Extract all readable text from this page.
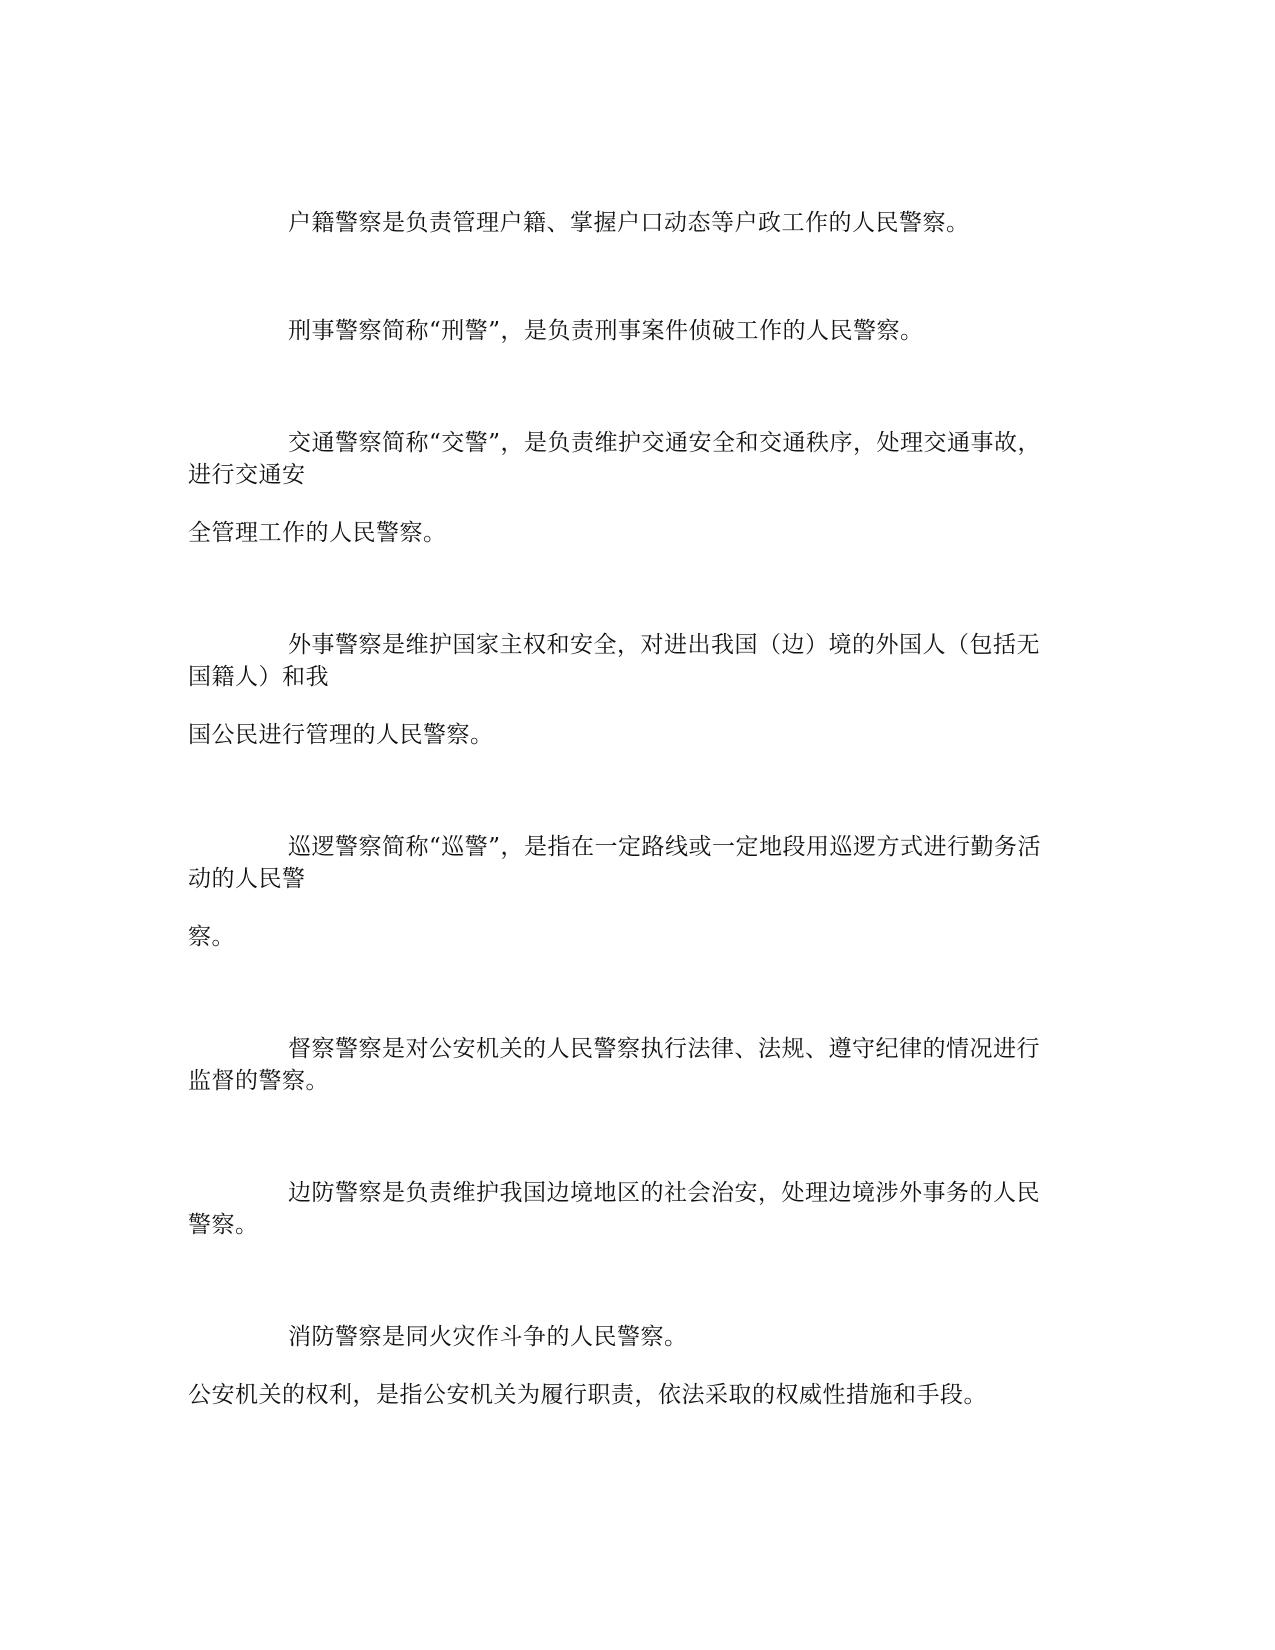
户籍警察是负责管理户籍、掌握户口动态等户政工作的人民警察。
刑事警察简称“刑警”，是负责刑事案件侦破工作的人民警察。
交通警察简称“交警”，是负责维护交通安全和交通秩序，处理交通事故，
进行交通安
全管理工作的人民警察。
外事警察是维护国家主权和安全，对进出我国（边）境的外国人（包括无
国籍人）和我
国公民进行管理的人民警察。
巡逻警察简称“巡警”，是指在一定路线或一定地段用巡逻方式进行勤务活
动的人民警
察。
督察警察是对公安机关的人民警察执行法律、法规、遵守纪律的情况进行
监督的警察。
边防警察是负责维护我国边境地区的社会治安，处理边境涉外事务的人民
警察。
消防警察是同火灾作斗争的人民警察。
公安机关的权利，是指公安机关为履行职责，依法采取的权威性措施和手段。
